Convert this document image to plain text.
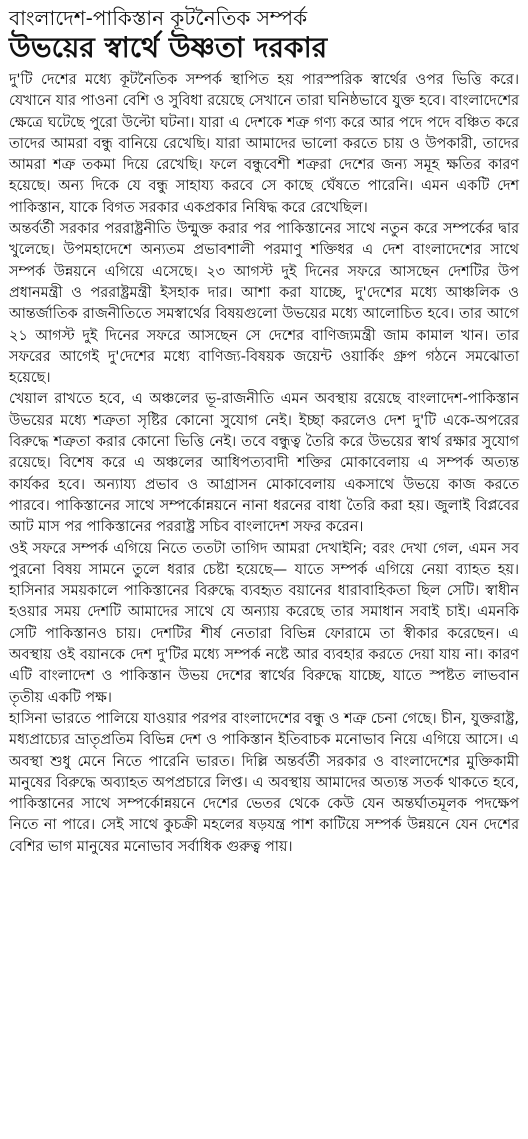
বাংলাদেশ-পাকিস্তান কূটনৈতিক সম্পর্ক
উভয়ের স্বার্থে উষ্ণতা দরকার

দু'টি দেশের মধ্যে কূটনৈতিক সম্পর্ক স্থাপিত হয় পারস্পরিক স্বার্থের ওপর ভিত্তি করে। যেখানে যার পাওনা বেশি ও সুবিধা রয়েছে সেখানে তারা ঘনিষ্ঠভাবে যুক্ত হবে। বাংলাদেশের ক্ষেত্রে ঘটেছে পুরো উল্টো ঘটনা। যারা এ দেশকে শত্রু গণ্য করে আর পদে পদে বঞ্চিত করে তাদের আমরা বন্ধু বানিয়ে রেখেছি। যারা আমাদের ভালো করতে চায় ও উপকারী, তাদের আমরা শত্রু তকমা দিয়ে রেখেছি। ফলে বন্ধুবেশী শত্রুরা দেশের জন্য সমূহ ক্ষতির কারণ হয়েছে। অন্য দিকে যে বন্ধু সাহায্য করবে সে কাছে ঘেঁষতে পারেনি। এমন একটি দেশ পাকিস্তান, যাকে বিগত সরকার একপ্রকার নিষিদ্ধ করে রেখেছিল।

অন্তর্বর্তী সরকার পররাষ্ট্রনীতি উন্মুক্ত করার পর পাকিস্তানের সাথে নতুন করে সম্পর্কের দ্বার খুলেছে। উপমহাদেশে অন্যতম প্রভাবশালী পরমাণু শক্তিধর এ দেশ বাংলাদেশের সাথে সম্পর্ক উন্নয়নে এগিয়ে এসেছে। ২৩ আগস্ট দুই দিনের সফরে আসছেন দেশটির উপ প্রধানমন্ত্রী ও পররাষ্ট্রমন্ত্রী ইসহাক দার। আশা করা যাচ্ছে, দু'দেশের মধ্যে আঞ্চলিক ও আন্তর্জাতিক রাজনীতিতে সমস্বার্থের বিষয়গুলো উভয়ের মধ্যে আলোচিত হবে। তার আগে ২১ আগস্ট দুই দিনের সফরে আসছেন সে দেশের বাণিজ্যমন্ত্রী জাম কামাল খান। তার সফরের আগেই দু'দেশের মধ্যে বাণিজ্য-বিষয়ক জয়েন্ট ওয়ার্কিং গ্রুপ গঠনে সমঝোতা হয়েছে।

খেয়াল রাখতে হবে, এ অঞ্চলের ভূ-রাজনীতি এমন অবস্থায় রয়েছে বাংলাদেশ-পাকিস্তান উভয়ের মধ্যে শত্রুতা সৃষ্টির কোনো সুযোগ নেই। ইচ্ছা করলেও দেশ দু'টি একে-অপরের বিরুদ্ধে শত্রুতা করার কোনো ভিত্তি নেই। তবে বন্ধুত্ব তৈরি করে উভয়ের স্বার্থ রক্ষার সুযোগ রয়েছে। বিশেষ করে এ অঞ্চলের আধিপত্যবাদী শক্তির মোকাবেলায় এ সম্পর্ক অত্যন্ত কার্যকর হবে। অন্যায্য প্রভাব ও আগ্রাসন মোকাবেলায় একসাথে উভয়ে কাজ করতে পারবে। পাকিস্তানের সাথে সম্পর্কোন্নয়নে নানা ধরনের বাধা তৈরি করা হয়। জুলাই বিপ্লবের আট মাস পর পাকিস্তানের পররাষ্ট্র সচিব বাংলাদেশ সফর করেন।

ওই সফরে সম্পর্ক এগিয়ে নিতে ততটা তাগিদ আমরা দেখাইনি; বরং দেখা গেল, এমন সব পুরনো বিষয় সামনে তুলে ধরার চেষ্টা হয়েছে— যাতে সম্পর্ক এগিয়ে নেয়া ব্যাহত হয়। হাসিনার সময়কালে পাকিস্তানের বিরুদ্ধে ব্যবহৃত বয়ানের ধারাবাহিকতা ছিল সেটি। স্বাধীন হওয়ার সময় দেশটি আমাদের সাথে যে অন্যায় করেছে তার সমাধান সবাই চাই। এমনকি সেটি পাকিস্তানও চায়। দেশটির শীর্ষ নেতারা বিভিন্ন ফোরামে তা স্বীকার করেছেন। এ অবস্থায় ওই বয়ানকে দেশ দু'টির মধ্যে সম্পর্ক নষ্টে আর ব্যবহার করতে দেয়া যায় না। কারণ এটি বাংলাদেশ ও পাকিস্তান উভয় দেশের স্বার্থের বিরুদ্ধে যাচ্ছে, যাতে স্পষ্টত লাভবান তৃতীয় একটি পক্ষ।

হাসিনা ভারতে পালিয়ে যাওয়ার পরপর বাংলাদেশের বন্ধু ও শত্রু চেনা গেছে। চীন, যুক্তরাষ্ট্র, মধ্যপ্রাচ্যের ভ্রাতৃপ্রতিম বিভিন্ন দেশ ও পাকিস্তান ইতিবাচক মনোভাব নিয়ে এগিয়ে আসে। এ অবস্থা শুধু মেনে নিতে পারেনি ভারত। দিল্লি অন্তর্বর্তী সরকার ও বাংলাদেশের মুক্তিকামী মানুষের বিরুদ্ধে অব্যাহত অপপ্রচারে লিপ্ত। এ অবস্থায় আমাদের অত্যন্ত সতর্ক থাকতে হবে, পাকিস্তানের সাথে সম্পর্কোন্নয়নে দেশের ভেতর থেকে কেউ যেন অন্তর্ঘাতমূলক পদক্ষেপ নিতে না পারে। সেই সাথে কুচক্রী মহলের ষড়যন্ত্র পাশ কাটিয়ে সম্পর্ক উন্নয়নে যেন দেশের বেশির ভাগ মানুষের মনোভাব সর্বাধিক গুরুত্ব পায়।
